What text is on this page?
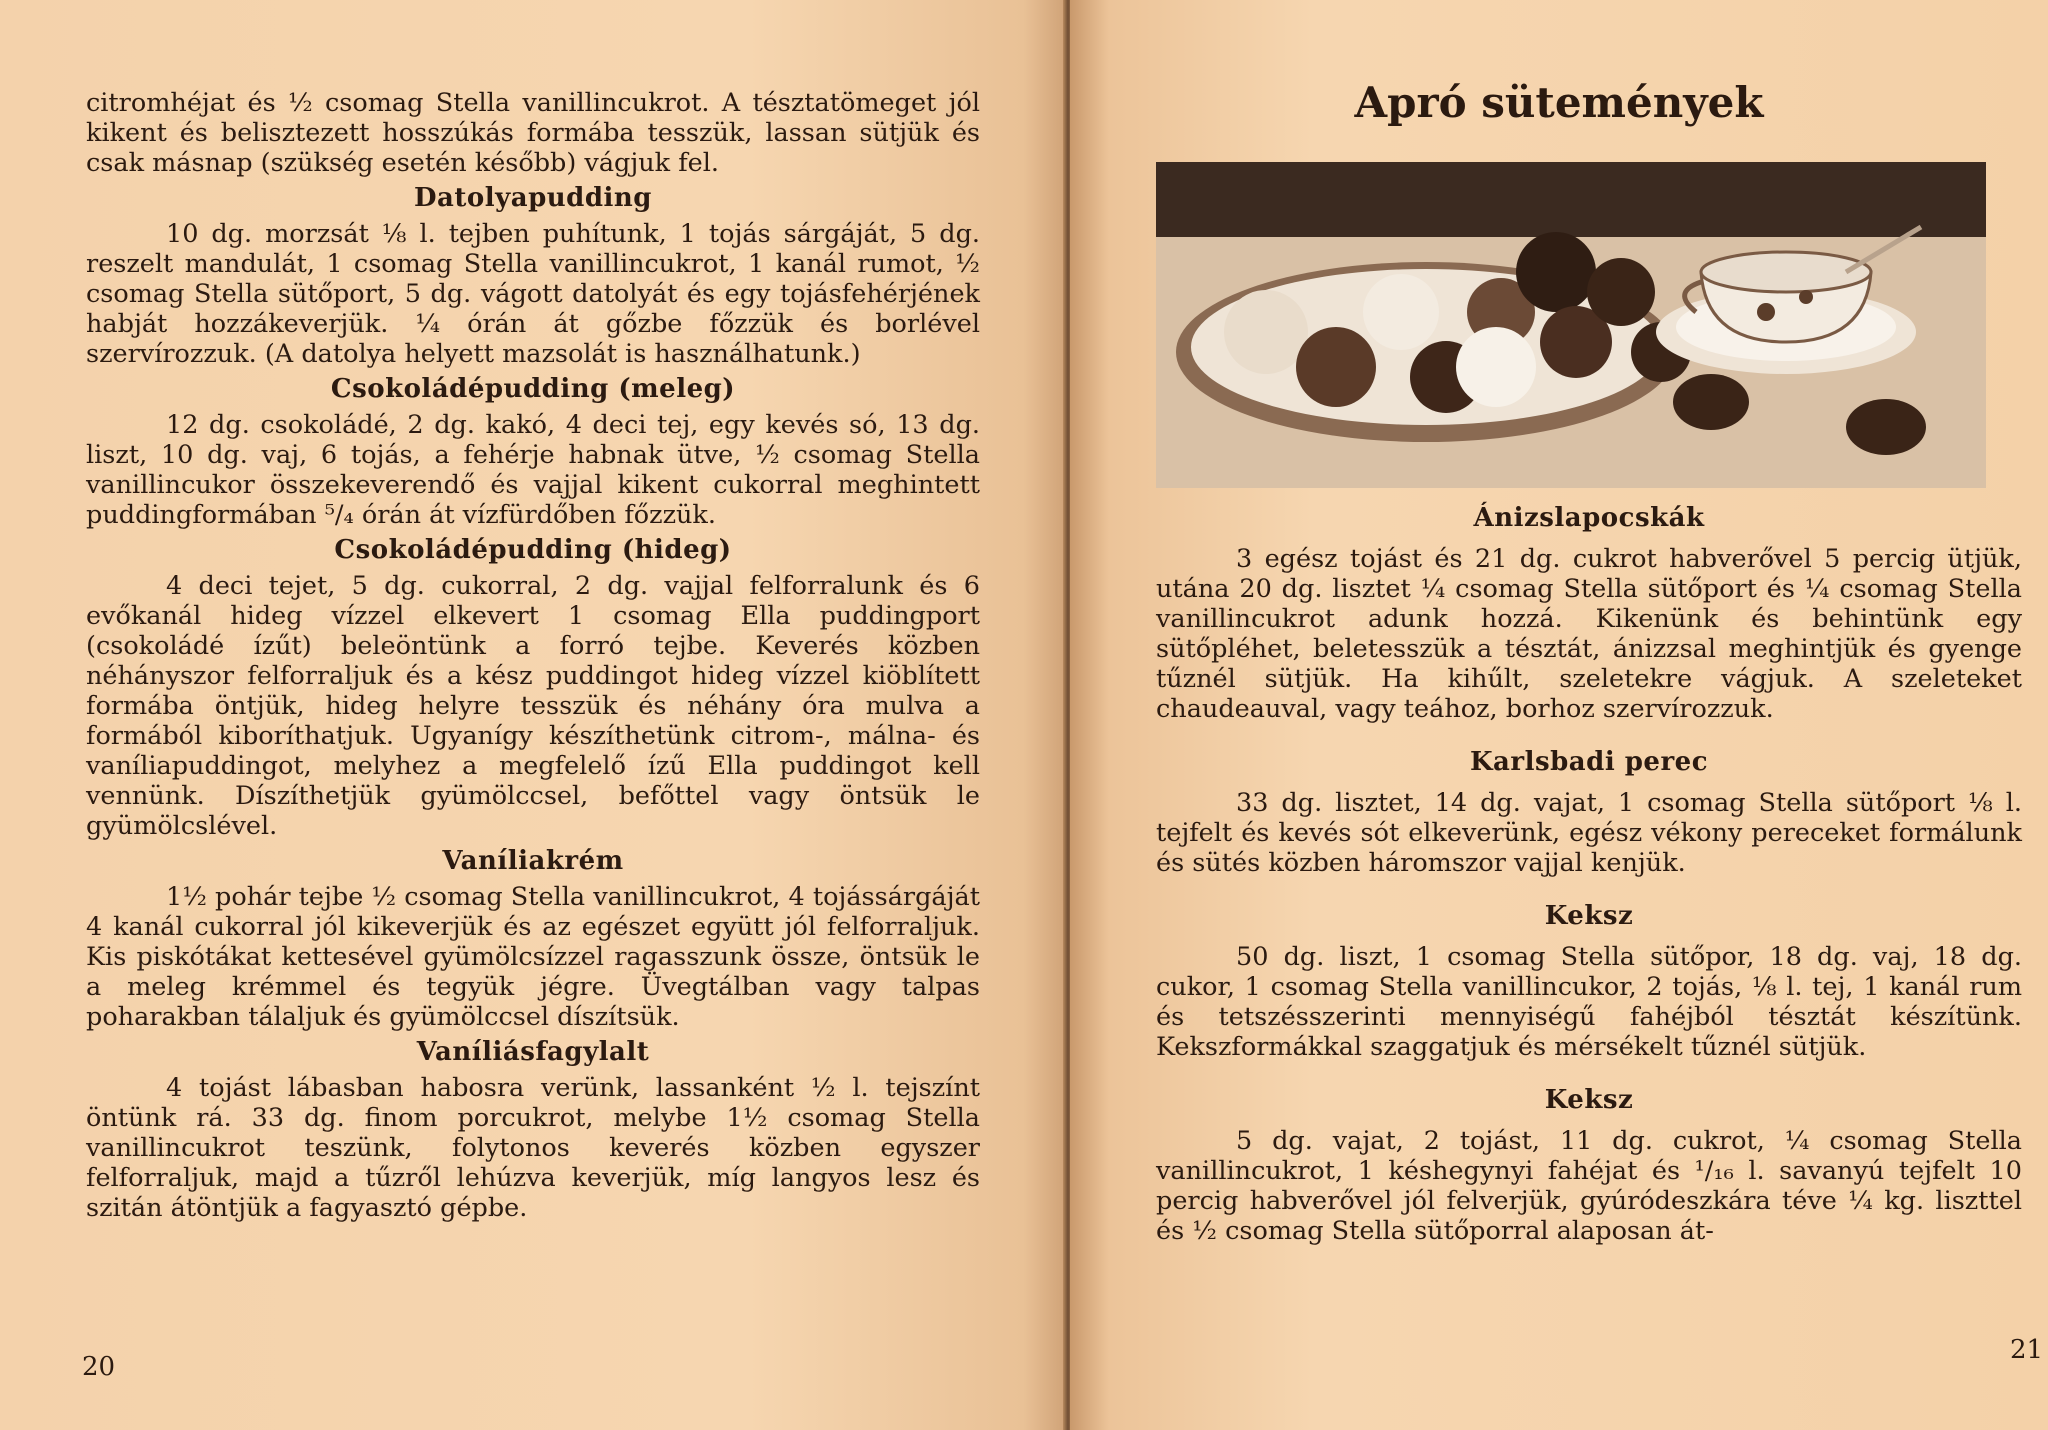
citromhéjat és ½ csomag Stella vanillincukrot. A tésztatömeget jól kikent és belisztezett hosszúkás formába tesszük, lassan sütjük és csak másnap (szükség esetén később) vágjuk fel.

Datolyapudding

10 dg. morzsát ⅛ l. tejben puhítunk, 1 tojás sárgáját, 5 dg. reszelt mandulát, 1 csomag Stella vanillincukrot, 1 kanál rumot, ½ csomag Stella sütőport, 5 dg. vágott datolyát és egy tojásfehérjének habját hozzákeverjük. ¼ órán át gőzbe főzzük és borlével szervírozzuk. (A datolya helyett mazsolát is használhatunk.)

Csokoládépudding (meleg)

12 dg. csokoládé, 2 dg. kakó, 4 deci tej, egy kevés só, 13 dg. liszt, 10 dg. vaj, 6 tojás, a fehérje habnak ütve, ½ csomag Stella vanillincukor összekeverendő és vajjal kikent cukorral meghintett puddingformában ⁵/₄ órán át vízfürdőben főzzük.

Csokoládépudding (hideg)

4 deci tejet, 5 dg. cukorral, 2 dg. vajjal felforralunk és 6 evőkanál hideg vízzel elkevert 1 csomag Ella puddingport (csokoládé ízűt) beleöntünk a forró tejbe. Keverés közben néhányszor felforraljuk és a kész puddingot hideg vízzel kiöblített formába öntjük, hideg helyre tesszük és néhány óra mulva a formából kiboríthatjuk. Ugyanígy készíthetünk citrom-, málna- és vaníliapuddingot, melyhez a megfelelő ízű Ella puddingot kell vennünk. Díszíthetjük gyümölccsel, befőttel vagy öntsük le gyümölcslével.

Vaníliakrém

1½ pohár tejbe ½ csomag Stella vanillincukrot, 4 tojássárgáját 4 kanál cukorral jól kikeverjük és az egészet együtt jól felforraljuk. Kis piskótákat kettesével gyümölcsízzel ragasszunk össze, öntsük le a meleg krémmel és tegyük jégre. Üvegtálban vagy talpas poharakban tálaljuk és gyümölccsel díszítsük.

Vaníliásfagylalt

4 tojást lábasban habosra verünk, lassanként ½ l. tejszínt öntünk rá. 33 dg. finom porcukrot, melybe 1½ csomag Stella vanillincukrot teszünk, folytonos keverés közben egyszer felforraljuk, majd a tűzről lehúzva keverjük, míg langyos lesz és szitán átöntjük a fagyasztó gépbe.

20
Apró sütemények
Ánizslapocskák

3 egész tojást és 21 dg. cukrot habverővel 5 percig ütjük, utána 20 dg. lisztet ¼ csomag Stella sütőport és ¼ csomag Stella vanillincukrot adunk hozzá. Kikenünk és behintünk egy sütőpléhet, beletesszük a tésztát, ánizzsal meghintjük és gyenge tűznél sütjük. Ha kihűlt, szeletekre vágjuk. A szeleteket chaudeauval, vagy teához, borhoz szervírozzuk.

Karlsbadi perec

33 dg. lisztet, 14 dg. vajat, 1 csomag Stella sütőport ⅛ l. tejfelt és kevés sót elkeverünk, egész vékony pereceket formálunk és sütés közben háromszor vajjal kenjük.

Keksz

50 dg. liszt, 1 csomag Stella sütőpor, 18 dg. vaj, 18 dg. cukor, 1 csomag Stella vanillincukor, 2 tojás, ⅛ l. tej, 1 kanál rum és tetszésszerinti mennyiségű fahéjból tésztát készítünk. Kekszformákkal szaggatjuk és mérsékelt tűznél sütjük.

Keksz

5 dg. vajat, 2 tojást, 11 dg. cukrot, ¼ csomag Stella vanillincukrot, 1 késhegynyi fahéjat és ¹/₁₆ l. savanyú tejfelt 10 percig habverővel jól felverjük, gyúródeszkára téve ¼ kg. liszttel és ½ csomag Stella sütőporral alaposan át-

21
